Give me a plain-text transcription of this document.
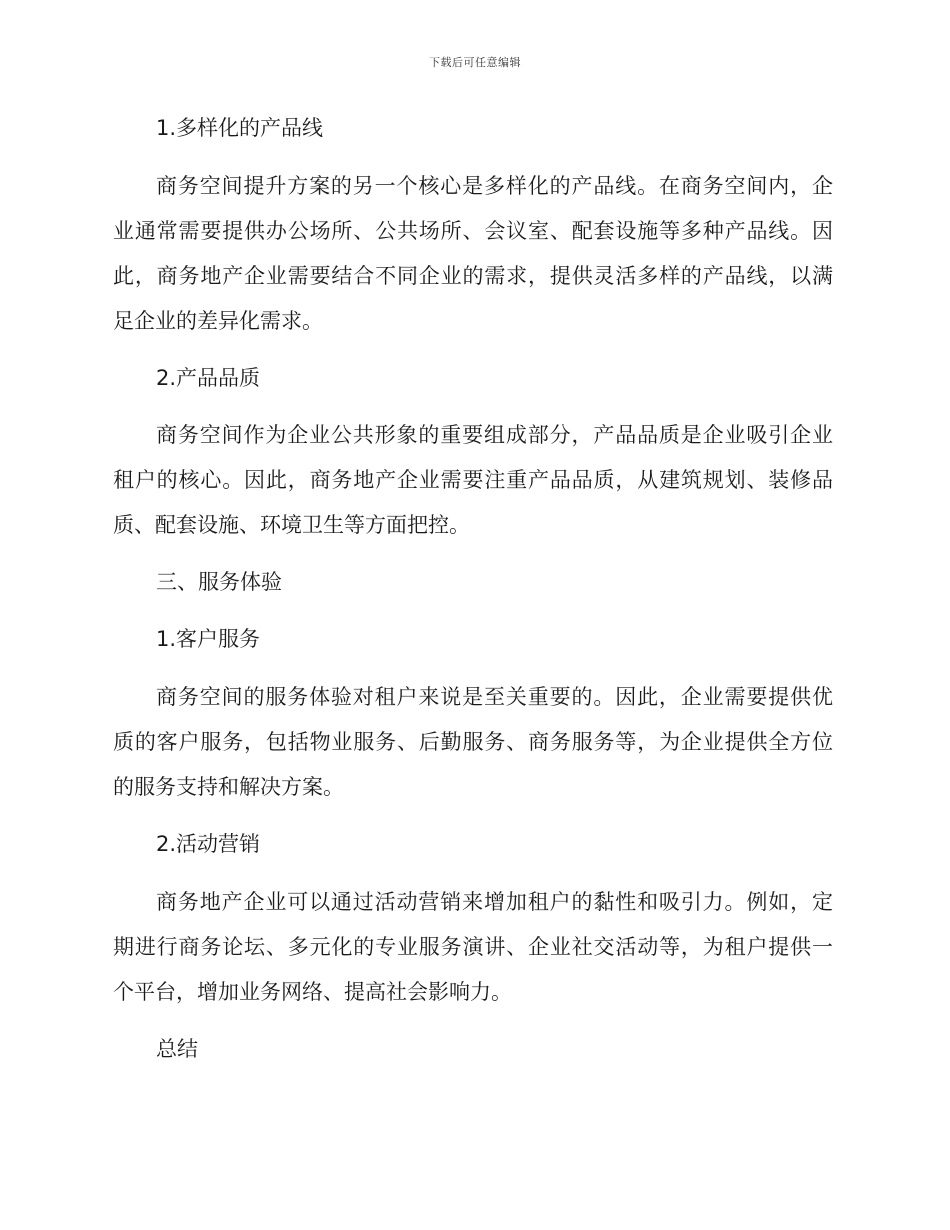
下载后可任意编辑

1.多样化的产品线

商务空间提升方案的另一个核心是多样化的产品线。在商务空间内，企
业通常需要提供办公场所、公共场所、会议室、配套设施等多种产品线。因
此，商务地产企业需要结合不同企业的需求，提供灵活多样的产品线，以满
足企业的差异化需求。

2.产品品质

商务空间作为企业公共形象的重要组成部分，产品品质是企业吸引企业
租户的核心。因此，商务地产企业需要注重产品品质，从建筑规划、装修品
质、配套设施、环境卫生等方面把控。

三、服务体验

1.客户服务

商务空间的服务体验对租户来说是至关重要的。因此，企业需要提供优
质的客户服务，包括物业服务、后勤服务、商务服务等，为企业提供全方位
的服务支持和解决方案。

2.活动营销

商务地产企业可以通过活动营销来增加租户的黏性和吸引力。例如，定
期进行商务论坛、多元化的专业服务演讲、企业社交活动等，为租户提供一
个平台，增加业务网络、提高社会影响力。

总结
